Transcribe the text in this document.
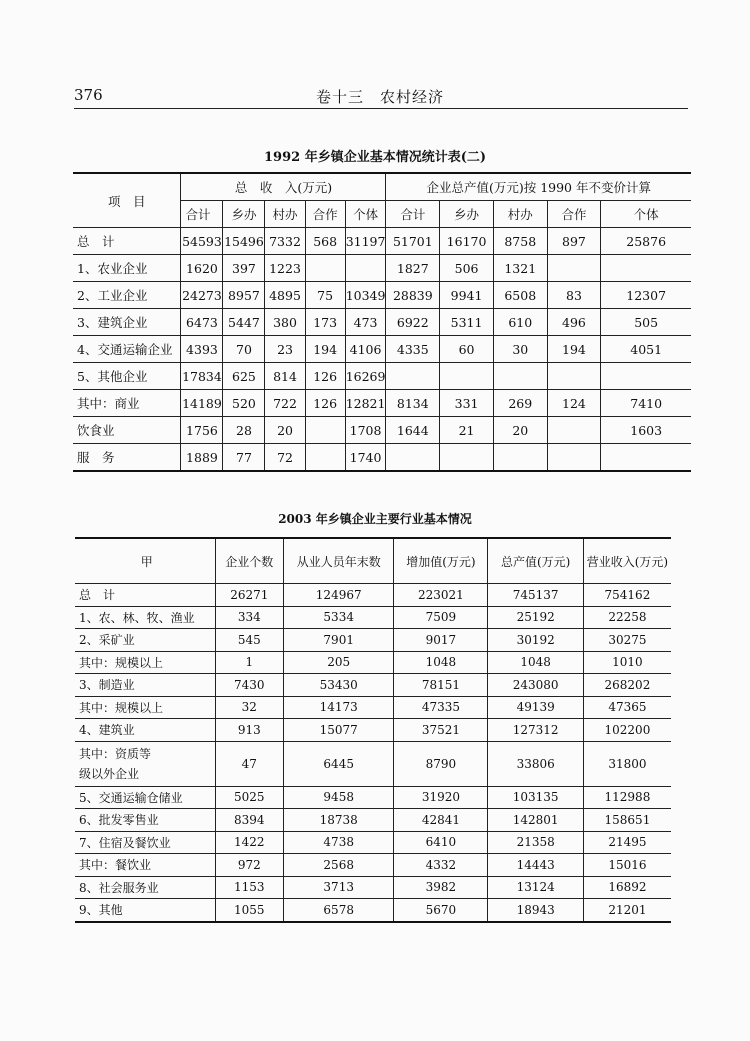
376	卷十三　农村经济
1992 年乡镇企业基本情况统计表(二)
项　目	总　收　入(万元)					企业总产值(万元)按 1990 年不变价计算				
	合计	乡办	村办	合作	个体	合计	乡办	村办	合作	个体
总　计	54593	15496	7332	568	31197	51701	16170	8758	897	25876
1、农业企业	1620	397	1223			1827	506	1321		
2、工业企业	24273	8957	4895	75	10349	28839	9941	6508	83	12307
3、建筑企业	6473	5447	380	173	473	6922	5311	610	496	505
4、交通运输企业	4393	70	23	194	4106	4335	60	30	194	4051
5、其他企业	17834	625	814	126	16269					
其中：商业	14189	520	722	126	12821	8134	331	269	124	7410
饮食业	1756	28	20		1708	1644	21	20		1603
服　务	1889	77	72		1740					
2003 年乡镇企业主要行业基本情况
甲	企业个数	从业人员年末数	增加值(万元)	总产值(万元)	营业收入(万元)
总　计	26271	124967	223021	745137	754162
1、农、林、牧、渔业	334	5334	7509	25192	22258
2、采矿业	545	7901	9017	30192	30275
其中：规模以上	1	205	1048	1048	1010
3、制造业	7430	53430	78151	243080	268202
其中：规模以上	32	14173	47335	49139	47365
4、建筑业	913	15077	37521	127312	102200
其中：资质等
级以外企业	47	6445	8790	33806	31800
5、交通运输仓储业	5025	9458	31920	103135	112988
6、批发零售业	8394	18738	42841	142801	158651
7、住宿及餐饮业	1422	4738	6410	21358	21495
其中：餐饮业	972	2568	4332	14443	15016
8、社会服务业	1153	3713	3982	13124	16892
9、其他	1055	6578	5670	18943	21201
